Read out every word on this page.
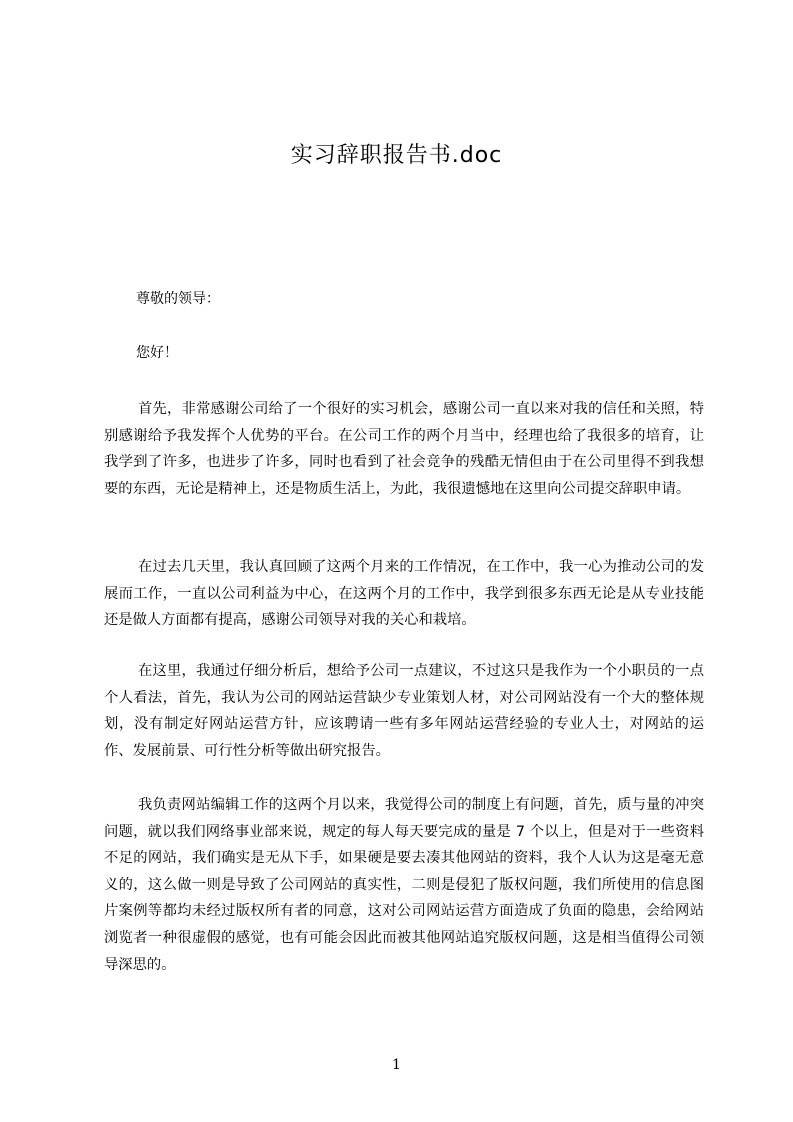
实习辞职报告书.doc
尊敬的领导：
您好！

首先，非常感谢公司给了一个很好的实习机会，感谢公司一直以来对我的信任和关照，特别感谢给予我发挥个人优势的平台。在公司工作的两个月当中，经理也给了我很多的培育，让我学到了许多，也进步了许多，同时也看到了社会竞争的残酷无情但由于在公司里得不到我想要的东西，无论是精神上，还是物质生活上，为此，我很遗憾地在这里向公司提交辞职申请。

在过去几天里，我认真回顾了这两个月来的工作情况，在工作中，我一心为推动公司的发展而工作，一直以公司利益为中心，在这两个月的工作中，我学到很多东西无论是从专业技能还是做人方面都有提高，感谢公司领导对我的关心和栽培。

在这里，我通过仔细分析后，想给予公司一点建议，不过这只是我作为一个小职员的一点个人看法，首先，我认为公司的网站运营缺少专业策划人材，对公司网站没有一个大的整体规划，没有制定好网站运营方针，应该聘请一些有多年网站运营经验的专业人士，对网站的运作、发展前景、可行性分析等做出研究报告。

我负责网站编辑工作的这两个月以来，我觉得公司的制度上有问题，首先，质与量的冲突问题，就以我们网络事业部来说，规定的每人每天要完成的量是 7 个以上，但是对于一些资料不足的网站，我们确实是无从下手，如果硬是要去凑其他网站的资料，我个人认为这是毫无意义的，这么做一则是导致了公司网站的真实性，二则是侵犯了版权问题，我们所使用的信息图片案例等都均未经过版权所有者的同意，这对公司网站运营方面造成了负面的隐患，会给网站浏览者一种很虚假的感觉，也有可能会因此而被其他网站追究版权问题，这是相当值得公司领导深思的。

1
